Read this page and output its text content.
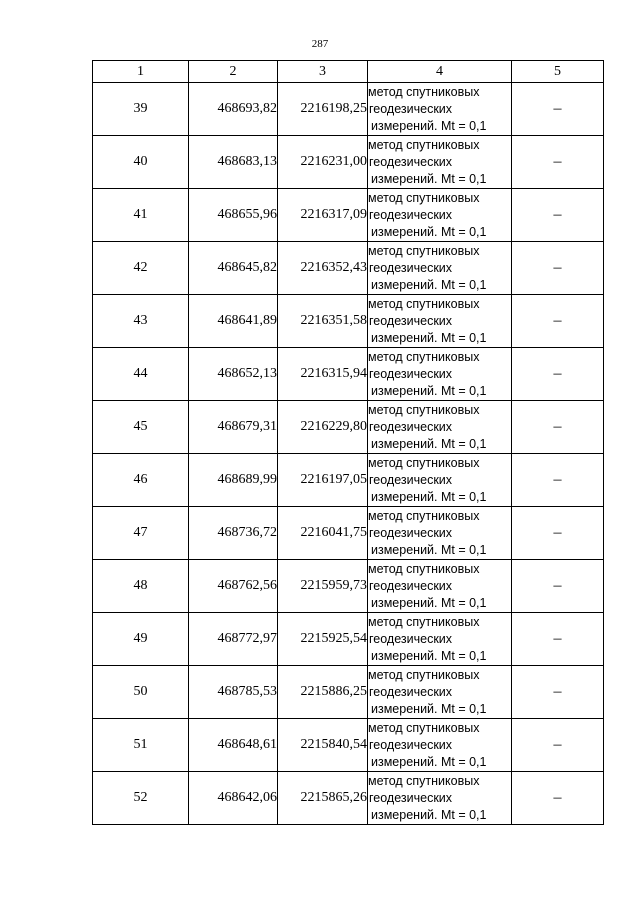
287
1	2	3	4	5
39	468693,82	2216198,25	метод спутниковых
геодезических
измерений. Mt = 0,1	–
40	468683,13	2216231,00	метод спутниковых
геодезических
измерений. Mt = 0,1	–
41	468655,96	2216317,09	метод спутниковых
геодезических
измерений. Mt = 0,1	–
42	468645,82	2216352,43	метод спутниковых
геодезических
измерений. Mt = 0,1	–
43	468641,89	2216351,58	метод спутниковых
геодезических
измерений. Mt = 0,1	–
44	468652,13	2216315,94	метод спутниковых
геодезических
измерений. Mt = 0,1	–
45	468679,31	2216229,80	метод спутниковых
геодезических
измерений. Mt = 0,1	–
46	468689,99	2216197,05	метод спутниковых
геодезических
измерений. Mt = 0,1	–
47	468736,72	2216041,75	метод спутниковых
геодезических
измерений. Mt = 0,1	–
48	468762,56	2215959,73	метод спутниковых
геодезических
измерений. Mt = 0,1	–
49	468772,97	2215925,54	метод спутниковых
геодезических
измерений. Mt = 0,1	–
50	468785,53	2215886,25	метод спутниковых
геодезических
измерений. Mt = 0,1	–
51	468648,61	2215840,54	метод спутниковых
геодезических
измерений. Mt = 0,1	–
52	468642,06	2215865,26	метод спутниковых
геодезических
измерений. Mt = 0,1	–
